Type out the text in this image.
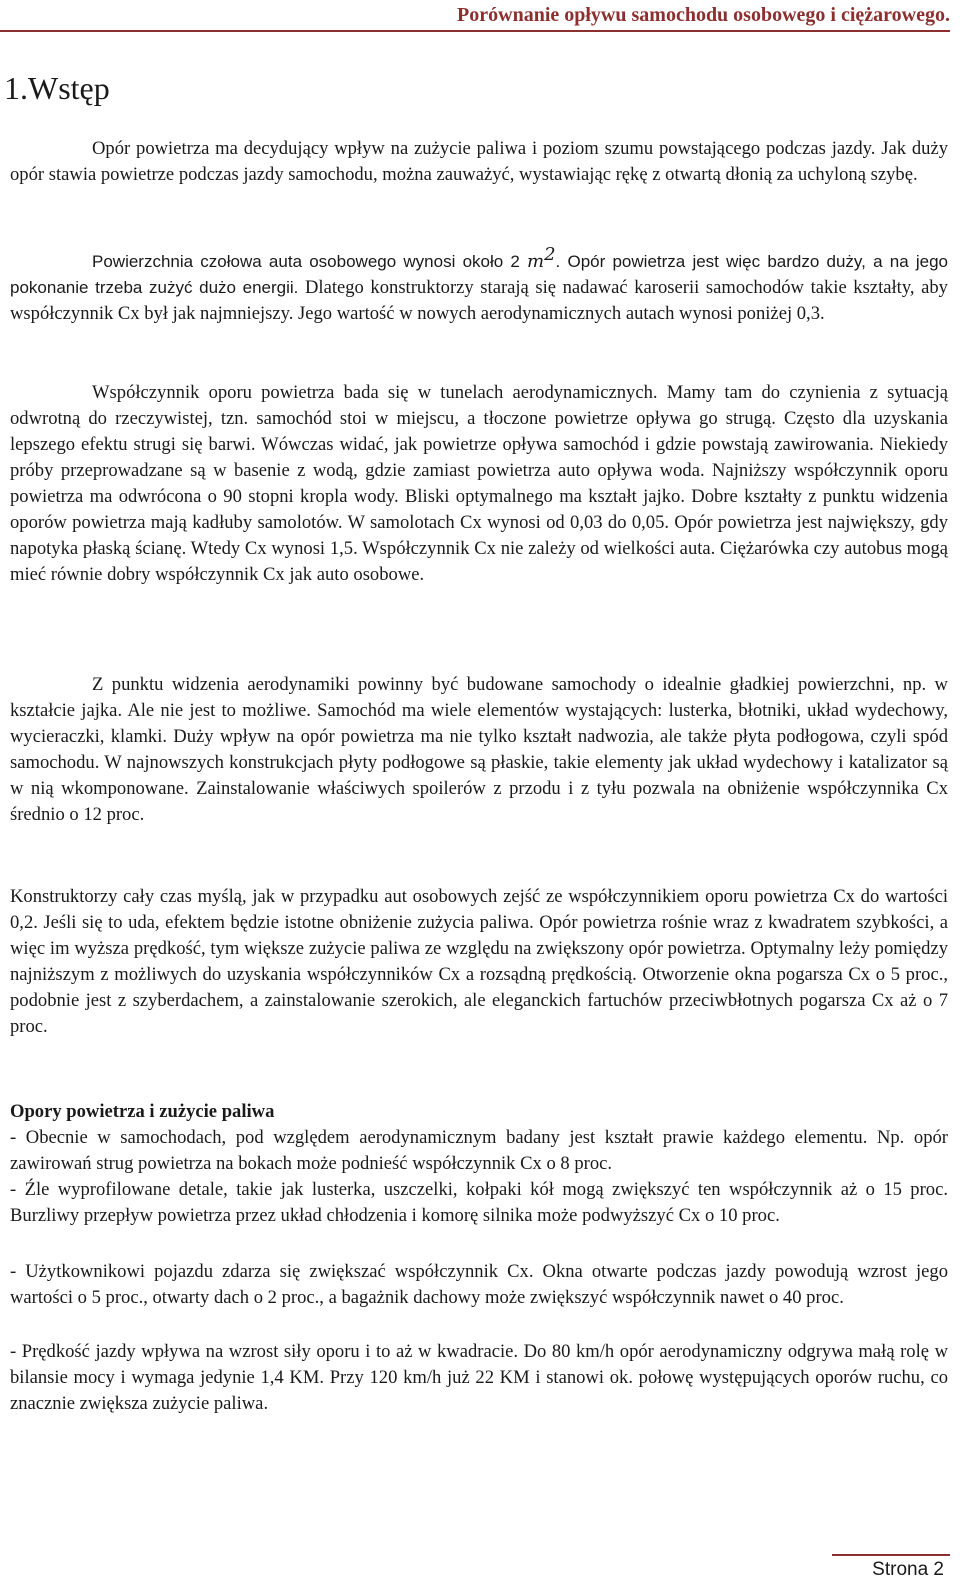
Porównanie opływu samochodu osobowego i ciężarowego.
1.Wstęp

Opór powietrza ma decydujący wpływ na zużycie paliwa i poziom szumu powstającego podczas jazdy. Jak duży opór stawia powietrze podczas jazdy samochodu, można zauważyć, wystawiając rękę z otwartą dłonią za uchyloną szybę.

Powierzchnia czołowa auta osobowego wynosi około 2 $m^2$. Opór powietrza jest więc bardzo duży, a na jego pokonanie trzeba zużyć dużo energii. Dlatego konstruktorzy starają się nadawać karoserii samochodów takie kształty, aby współczynnik Cx był jak najmniejszy. Jego wartość w nowych aerodynamicznych autach wynosi poniżej 0,3.

Współczynnik oporu powietrza bada się w tunelach aerodynamicznych. Mamy tam do czynienia z sytuacją odwrotną do rzeczywistej, tzn. samochód stoi w miejscu, a tłoczone powietrze opływa go strugą. Często dla uzyskania lepszego efektu strugi się barwi. Wówczas widać, jak powietrze opływa samochód i gdzie powstają zawirowania. Niekiedy próby przeprowadzane są w basenie z wodą, gdzie zamiast powietrza auto opływa woda. Najniższy współczynnik oporu powietrza ma odwrócona o 90 stopni kropla wody. Bliski optymalnego ma kształt jajko. Dobre kształty z punktu widzenia oporów powietrza mają kadłuby samolotów. W samolotach Cx wynosi od 0,03 do 0,05. Opór powietrza jest największy, gdy napotyka płaską ścianę. Wtedy Cx wynosi 1,5. Współczynnik Cx nie zależy od wielkości auta. Ciężarówka czy autobus mogą mieć równie dobry współczynnik Cx jak auto osobowe.

Z punktu widzenia aerodynamiki powinny być budowane samochody o idealnie gładkiej powierzchni, np. w kształcie jajka. Ale nie jest to możliwe. Samochód ma wiele elementów wystających: lusterka, błotniki, układ wydechowy, wycieraczki, klamki. Duży wpływ na opór powietrza ma nie tylko kształt nadwozia, ale także płyta podłogowa, czyli spód samochodu. W najnowszych konstrukcjach płyty podłogowe są płaskie, takie elementy jak układ wydechowy i katalizator są w nią wkomponowane. Zainstalowanie właściwych spoilerów z przodu i z tyłu pozwala na obniżenie współczynnika Cx średnio o 12 proc.

Konstruktorzy cały czas myślą, jak w przypadku aut osobowych zejść ze współczynnikiem oporu powietrza Cx do wartości 0,2. Jeśli się to uda, efektem będzie istotne obniżenie zużycia paliwa. Opór powietrza rośnie wraz z kwadratem szybkości, a więc im wyższa prędkość, tym większe zużycie paliwa ze względu na zwiększony opór powietrza. Optymalny leży pomiędzy najniższym z możliwych do uzyskania współczynników Cx a rozsądną prędkością. Otworzenie okna pogarsza Cx o 5 proc., podobnie jest z szyberdachem, a zainstalowanie szerokich, ale eleganckich fartuchów przeciwbłotnych pogarsza Cx aż o 7 proc.

Opory powietrza i zużycie paliwa

- Obecnie w samochodach, pod względem aerodynamicznym badany jest kształt prawie każdego elementu. Np. opór zawirowań strug powietrza na bokach może podnieść współczynnik Cx o 8 proc.

- Źle wyprofilowane detale, takie jak lusterka, uszczelki, kołpaki kół mogą zwiększyć ten współczynnik aż o 15 proc. Burzliwy przepływ powietrza przez układ chłodzenia i komorę silnika może podwyższyć Cx o 10 proc.

- Użytkownikowi pojazdu zdarza się zwiększać współczynnik Cx. Okna otwarte podczas jazdy powodują wzrost jego wartości o 5 proc., otwarty dach o 2 proc., a bagażnik dachowy może zwiększyć współczynnik nawet o 40 proc.

- Prędkość jazdy wpływa na wzrost siły oporu i to aż w kwadracie. Do 80 km/h opór aerodynamiczny odgrywa małą rolę w bilansie mocy i wymaga jedynie 1,4 KM. Przy 120 km/h już 22 KM i stanowi ok. połowę występujących oporów ruchu, co znacznie zwiększa zużycie paliwa.

Strona 2
